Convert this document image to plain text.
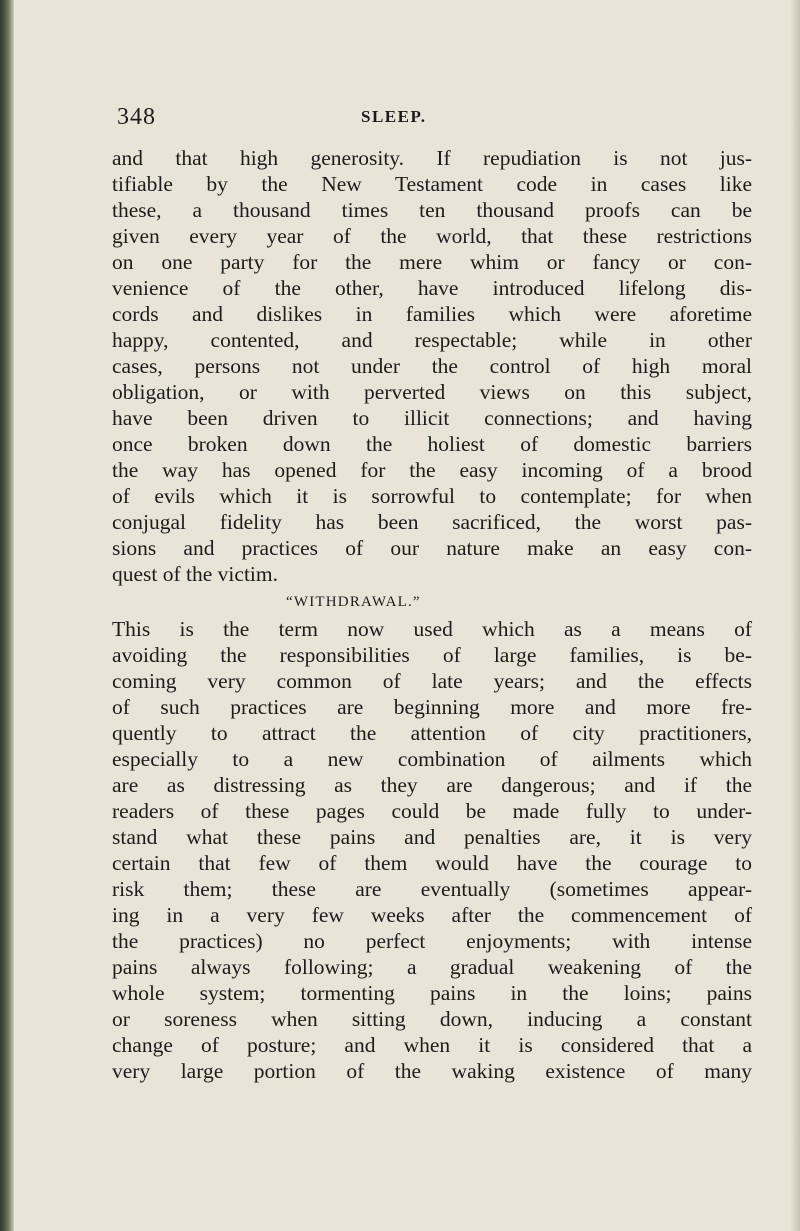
348	SLEEP.

and that high generosity. If repudiation is not jus-

tifiable by the New Testament code in cases like

these, a thousand times ten thousand proofs can be

given every year of the world, that these restrictions

on one party for the mere whim or fancy or con-

venience of the other, have introduced lifelong dis-

cords and dislikes in families which were aforetime

happy, contented, and respectable; while in other

cases, persons not under the control of high moral

obligation, or with perverted views on this subject,

have been driven to illicit connections; and having

once broken down the holiest of domestic barriers

the way has opened for the easy incoming of a brood

of evils which it is sorrowful to contemplate; for when

conjugal fidelity has been sacrificed, the worst pas-

sions and practices of our nature make an easy con-

quest of the victim.

“WITHDRAWAL.”

This is the term now used which as a means of

avoiding the responsibilities of large families, is be-

coming very common of late years; and the effects

of such practices are beginning more and more fre-

quently to attract the attention of city practitioners,

especially to a new combination of ailments which

are as distressing as they are dangerous; and if the

readers of these pages could be made fully to under-

stand what these pains and penalties are, it is very

certain that few of them would have the courage to

risk them; these are eventually (sometimes appear-

ing in a very few weeks after the commencement of

the practices) no perfect enjoyments; with intense

pains always following; a gradual weakening of the

whole system; tormenting pains in the loins; pains

or soreness when sitting down, inducing a constant

change of posture; and when it is considered that a

very large portion of the waking existence of many
